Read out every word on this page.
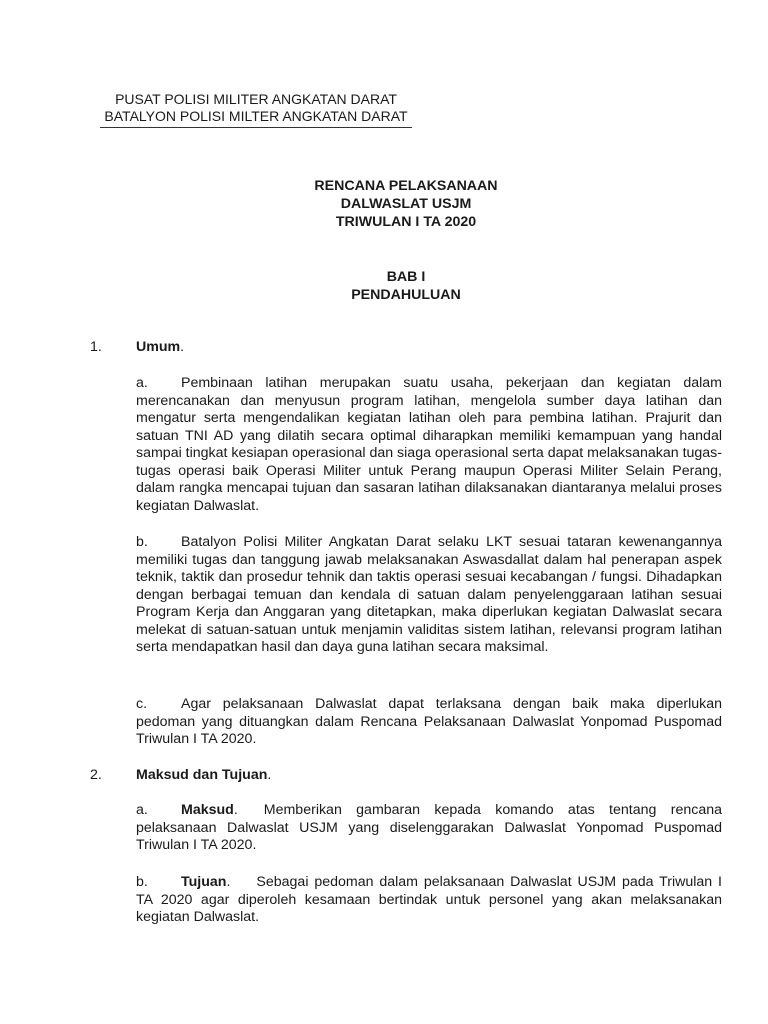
PUSAT POLISI MILITER ANGKATAN DARAT
BATALYON POLISI MILTER ANGKATAN DARAT
RENCANA PELAKSANAAN
DALWASLAT USJM
TRIWULAN I TA 2020
BAB I
PENDAHULUAN
1.	Umum .

a. Pembinaan latihan merupakan suatu usaha, pekerjaan dan kegiatan dalam merencanakan dan menyusun program latihan, mengelola sumber daya latihan dan mengatur serta mengendalikan kegiatan latihan oleh para pembina latihan. Prajurit dan satuan TNI AD yang dilatih secara optimal diharapkan memiliki kemampuan yang handal sampai tingkat kesiapan operasional dan siaga operasional serta dapat melaksanakan tugas-tugas operasi baik Operasi Militer untuk Perang maupun Operasi Militer Selain Perang, dalam rangka mencapai tujuan dan sasaran latihan dilaksanakan diantaranya melalui proses kegiatan Dalwaslat.

b. Batalyon Polisi Militer Angkatan Darat selaku LKT sesuai tataran kewenangannya memiliki tugas dan tanggung jawab melaksanakan Aswasdallat dalam hal penerapan aspek teknik, taktik dan prosedur tehnik dan taktis operasi sesuai kecabangan / fungsi. Dihadapkan dengan berbagai temuan dan kendala di satuan dalam penyelenggaraan latihan sesuai Program Kerja dan Anggaran yang ditetapkan, maka diperlukan kegiatan Dalwaslat secara melekat di satuan-satuan untuk menjamin validitas sistem latihan, relevansi program latihan serta mendapatkan hasil dan daya guna latihan secara maksimal.

c. Agar pelaksanaan Dalwaslat dapat terlaksana dengan baik maka diperlukan pedoman yang dituangkan dalam Rencana Pelaksanaan Dalwaslat Yonpomad Puspomad Triwulan I TA 2020.

2.	Maksud dan Tujuan .

a. Maksud. Memberikan gambaran kepada komando atas tentang rencana pelaksanaan Dalwaslat USJM yang diselenggarakan Dalwaslat Yonpomad Puspomad Triwulan I TA 2020.

b. Tujuan. Sebagai pedoman dalam pelaksanaan Dalwaslat USJM pada Triwulan I TA 2020 agar diperoleh kesamaan bertindak untuk personel yang akan melaksanakan kegiatan Dalwaslat.
